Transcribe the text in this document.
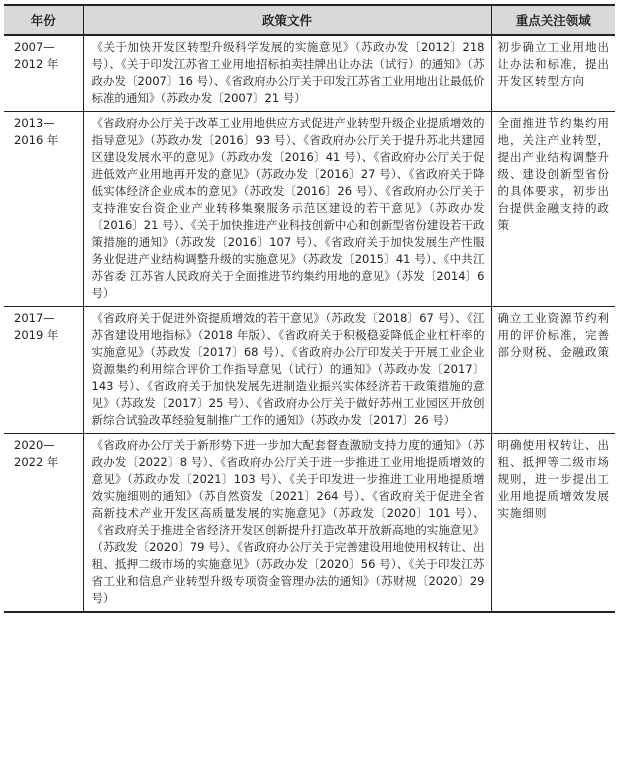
年份	政策文件	重点关注领域
2007—
2012 年	《关于加快开发区转型升级科学发展的实施意见》（苏政办发〔2012〕218 号）、《关于印发江苏省工业用地招标拍卖挂牌出让办法（试行）的通知》（苏政办发〔2007〕16 号）、《省政府办公厅关于印发江苏省工业用地出让最低价标准的通知》（苏政办发〔2007〕21 号）	初步确立工业用地出让办法和标准，提出开发区转型方向
2013—
2016 年	《省政府办公厅关于改革工业用地供应方式促进产业转型升级企业提质增效的指导意见》（苏政办发〔2016〕93 号）、《省政府办公厅关于提升苏北共建园区建设发展水平的意见》（苏政办发〔2016〕41 号）、《省政府办公厅关于促进低效产业用地再开发的意见》（苏政办发〔2016〕27 号）、《省政府关于降低实体经济企业成本的意见》（苏政发〔2016〕26 号）、《省政府办公厅关于支持淮安台资企业产业转移集聚服务示范区建设的若干意见》（苏政办发〔2016〕21 号）、《关于加快推进产业科技创新中心和创新型省份建设若干政策措施的通知》（苏政发〔2016〕107 号）、《省政府关于加快发展生产性服务业促进产业结构调整升级的实施意见》（苏政发〔2015〕41 号）、《中共江苏省委 江苏省人民政府关于全面推进节约集约用地的意见》（苏发〔2014〕6 号）	全面推进节约集约用地，关注产业转型，提出产业结构调整升级、建设创新型省份的具体要求，初步出台提供金融支持的政策
2017—
2019 年	《省政府关于促进外资提质增效的若干意见》（苏政发〔2018〕67 号）、《江苏省建设用地指标》（2018 年版）、《省政府关于积极稳妥降低企业杠杆率的实施意见》（苏政发〔2017〕68 号）、《省政府办公厅印发关于开展工业企业资源集约利用综合评价工作指导意见（试行）的通知》（苏政办发〔2017〕143 号）、《省政府关于加快发展先进制造业振兴实体经济若干政策措施的意见》（苏政发〔2017〕25 号）、《省政府办公厅关于做好苏州工业园区开放创新综合试验改革经验复制推广工作的通知》（苏政办发〔2017〕26 号）	确立工业资源节约利用的评价标准，完善部分财税、金融政策
2020—
2022 年	《省政府办公厅关于新形势下进一步加大配套督查激励支持力度的通知》（苏政办发〔2022〕8 号）、《省政府办公厅关于进一步推进工业用地提质增效的意见》（苏政办发〔2021〕103 号）、《关于印发进一步推进工业用地提质增效实施细则的通知》（苏自然资发〔2021〕264 号）、《省政府关于促进全省高新技术产业开发区高质量发展的实施意见》（苏政发〔2020〕101 号）、《省政府关于推进全省经济开发区创新提升打造改革开放新高地的实施意见》（苏政发〔2020〕79 号）、《省政府办公厅关于完善建设用地使用权转让、出租、抵押二级市场的实施意见》（苏政办发〔2020〕56 号）、《关于印发江苏省工业和信息产业转型升级专项资金管理办法的通知》（苏财规〔2020〕29 号）	明确使用权转让、出租、抵押等二级市场规则，进一步提出工业用地提质增效发展实施细则
